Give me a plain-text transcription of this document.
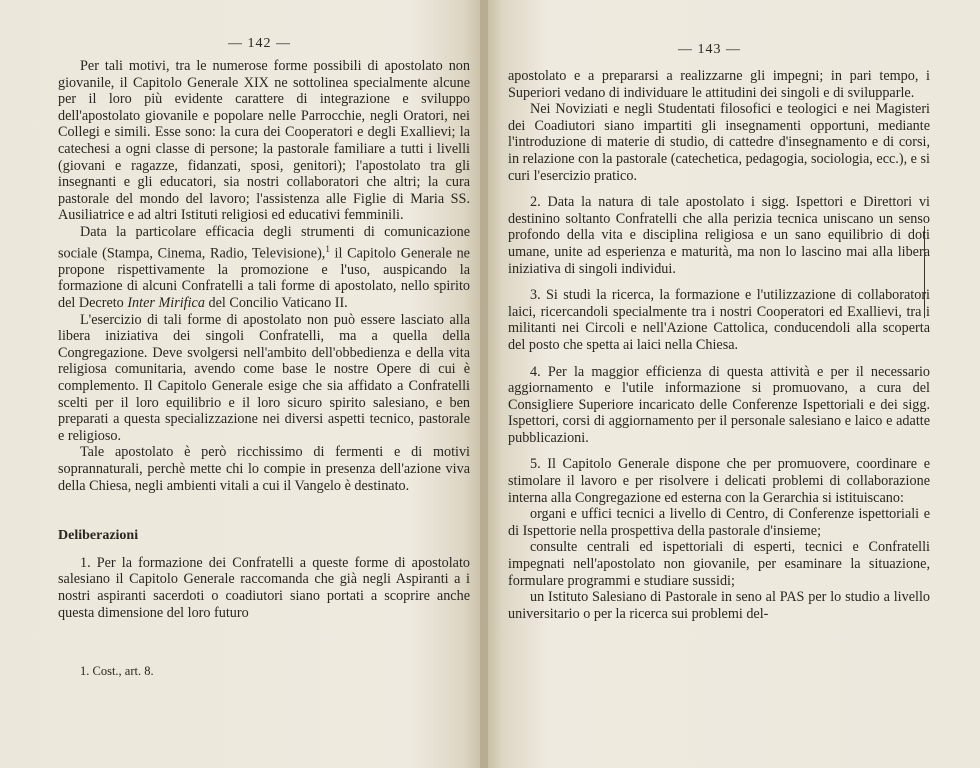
— 142 —

Per tali motivi, tra le numerose forme possibili di apostolato non giovanile, il Capitolo Generale XIX ne sottolinea specialmente alcune per il loro più evidente carattere di integrazione e sviluppo dell'apostolato giovanile e popolare nelle Parrocchie, negli Oratori, nei Collegi e simili. Esse sono: la cura dei Cooperatori e degli Exallievi; la catechesi a ogni classe di persone; la pastorale familiare a tutti i livelli (giovani e ragazze, fidanzati, sposi, genitori); l'apostolato tra gli insegnanti e gli educatori, sia nostri collaboratori che altri; la cura pastorale del mondo del lavoro; l'assistenza alle Figlie di Maria SS. Ausiliatrice e ad altri Istituti religiosi ed educativi femminili.

Data la particolare efficacia degli strumenti di comunicazione sociale (Stampa, Cinema, Radio, Televisione),$^1$ il Capitolo Generale ne propone rispettivamente la promozione e l'uso, auspicando la formazione di alcuni Confratelli a tali forme di apostolato, nello spirito del Decreto Inter Mirifica del Concilio Vaticano II.

L'esercizio di tali forme di apostolato non può essere lasciato alla libera iniziativa dei singoli Confratelli, ma a quella della Congregazione. Deve svolgersi nell'ambito dell'obbedienza e della vita religiosa comunitaria, avendo come base le nostre Opere di cui è complemento. Il Capitolo Generale esige che sia affidato a Confratelli scelti per il loro equilibrio e il loro sicuro spirito salesiano, e ben preparati a questa specializzazione nei diversi aspetti tecnico, pastorale e religioso.

Tale apostolato è però ricchissimo di fermenti e di motivi soprannaturali, perchè mette chi lo compie in presenza dell'azione viva della Chiesa, negli ambienti vitali a cui il Vangelo è destinato.

Deliberazioni

1. Per la formazione dei Confratelli a queste forme di apostolato salesiano il Capitolo Generale raccomanda che già negli Aspiranti a i nostri aspiranti sacerdoti o coadiutori siano portati a scoprire anche questa dimensione del loro futuro

1. Cost., art. 8.
— 143 —

apostolato e a prepararsi a realizzarne gli impegni; in pari tempo, i Superiori vedano di individuare le attitudini dei singoli e di svilupparle.

Nei Noviziati e negli Studentati filosofici e teologici e nei Magisteri dei Coadiutori siano impartiti gli insegnamenti opportuni, mediante l'introduzione di materie di studio, di cattedre d'insegnamento e di corsi, in relazione con la pastorale (catechetica, pedagogia, sociologia, ecc.), e si curi l'esercizio pratico.

2. Data la natura di tale apostolato i sigg. Ispettori e Direttori vi destinino soltanto Confratelli che alla perizia tecnica uniscano un senso profondo della vita e disciplina religiosa e un sano equilibrio di doti umane, unite ad esperienza e maturità, ma non lo lascino mai alla libera iniziativa di singoli individui.

3. Si studi la ricerca, la formazione e l'utilizzazione di collaboratori laici, ricercandoli specialmente tra i nostri Cooperatori ed Exallievi, tra i militanti nei Circoli e nell'Azione Cattolica, conducendoli alla scoperta del posto che spetta ai laici nella Chiesa.

4. Per la maggior efficienza di questa attività e per il necessario aggiornamento e l'utile informazione si promuovano, a cura del Consigliere Superiore incaricato delle Conferenze Ispettoriali e dei sigg. Ispettori, corsi di aggiornamento per il personale salesiano e laico e adatte pubblicazioni.

5. Il Capitolo Generale dispone che per promuovere, coordinare e stimolare il lavoro e per risolvere i delicati problemi di collaborazione interna alla Congregazione ed esterna con la Gerarchia si istituiscano:

organi e uffici tecnici a livello di Centro, di Conferenze ispettoriali e di Ispettorie nella prospettiva della pastorale d'insieme;

consulte centrali ed ispettoriali di esperti, tecnici e Confratelli impegnati nell'apostolato non giovanile, per esaminare la situazione, formulare programmi e studiare sussidi;

un Istituto Salesiano di Pastorale in seno al PAS per lo studio a livello universitario o per la ricerca sui problemi del-
